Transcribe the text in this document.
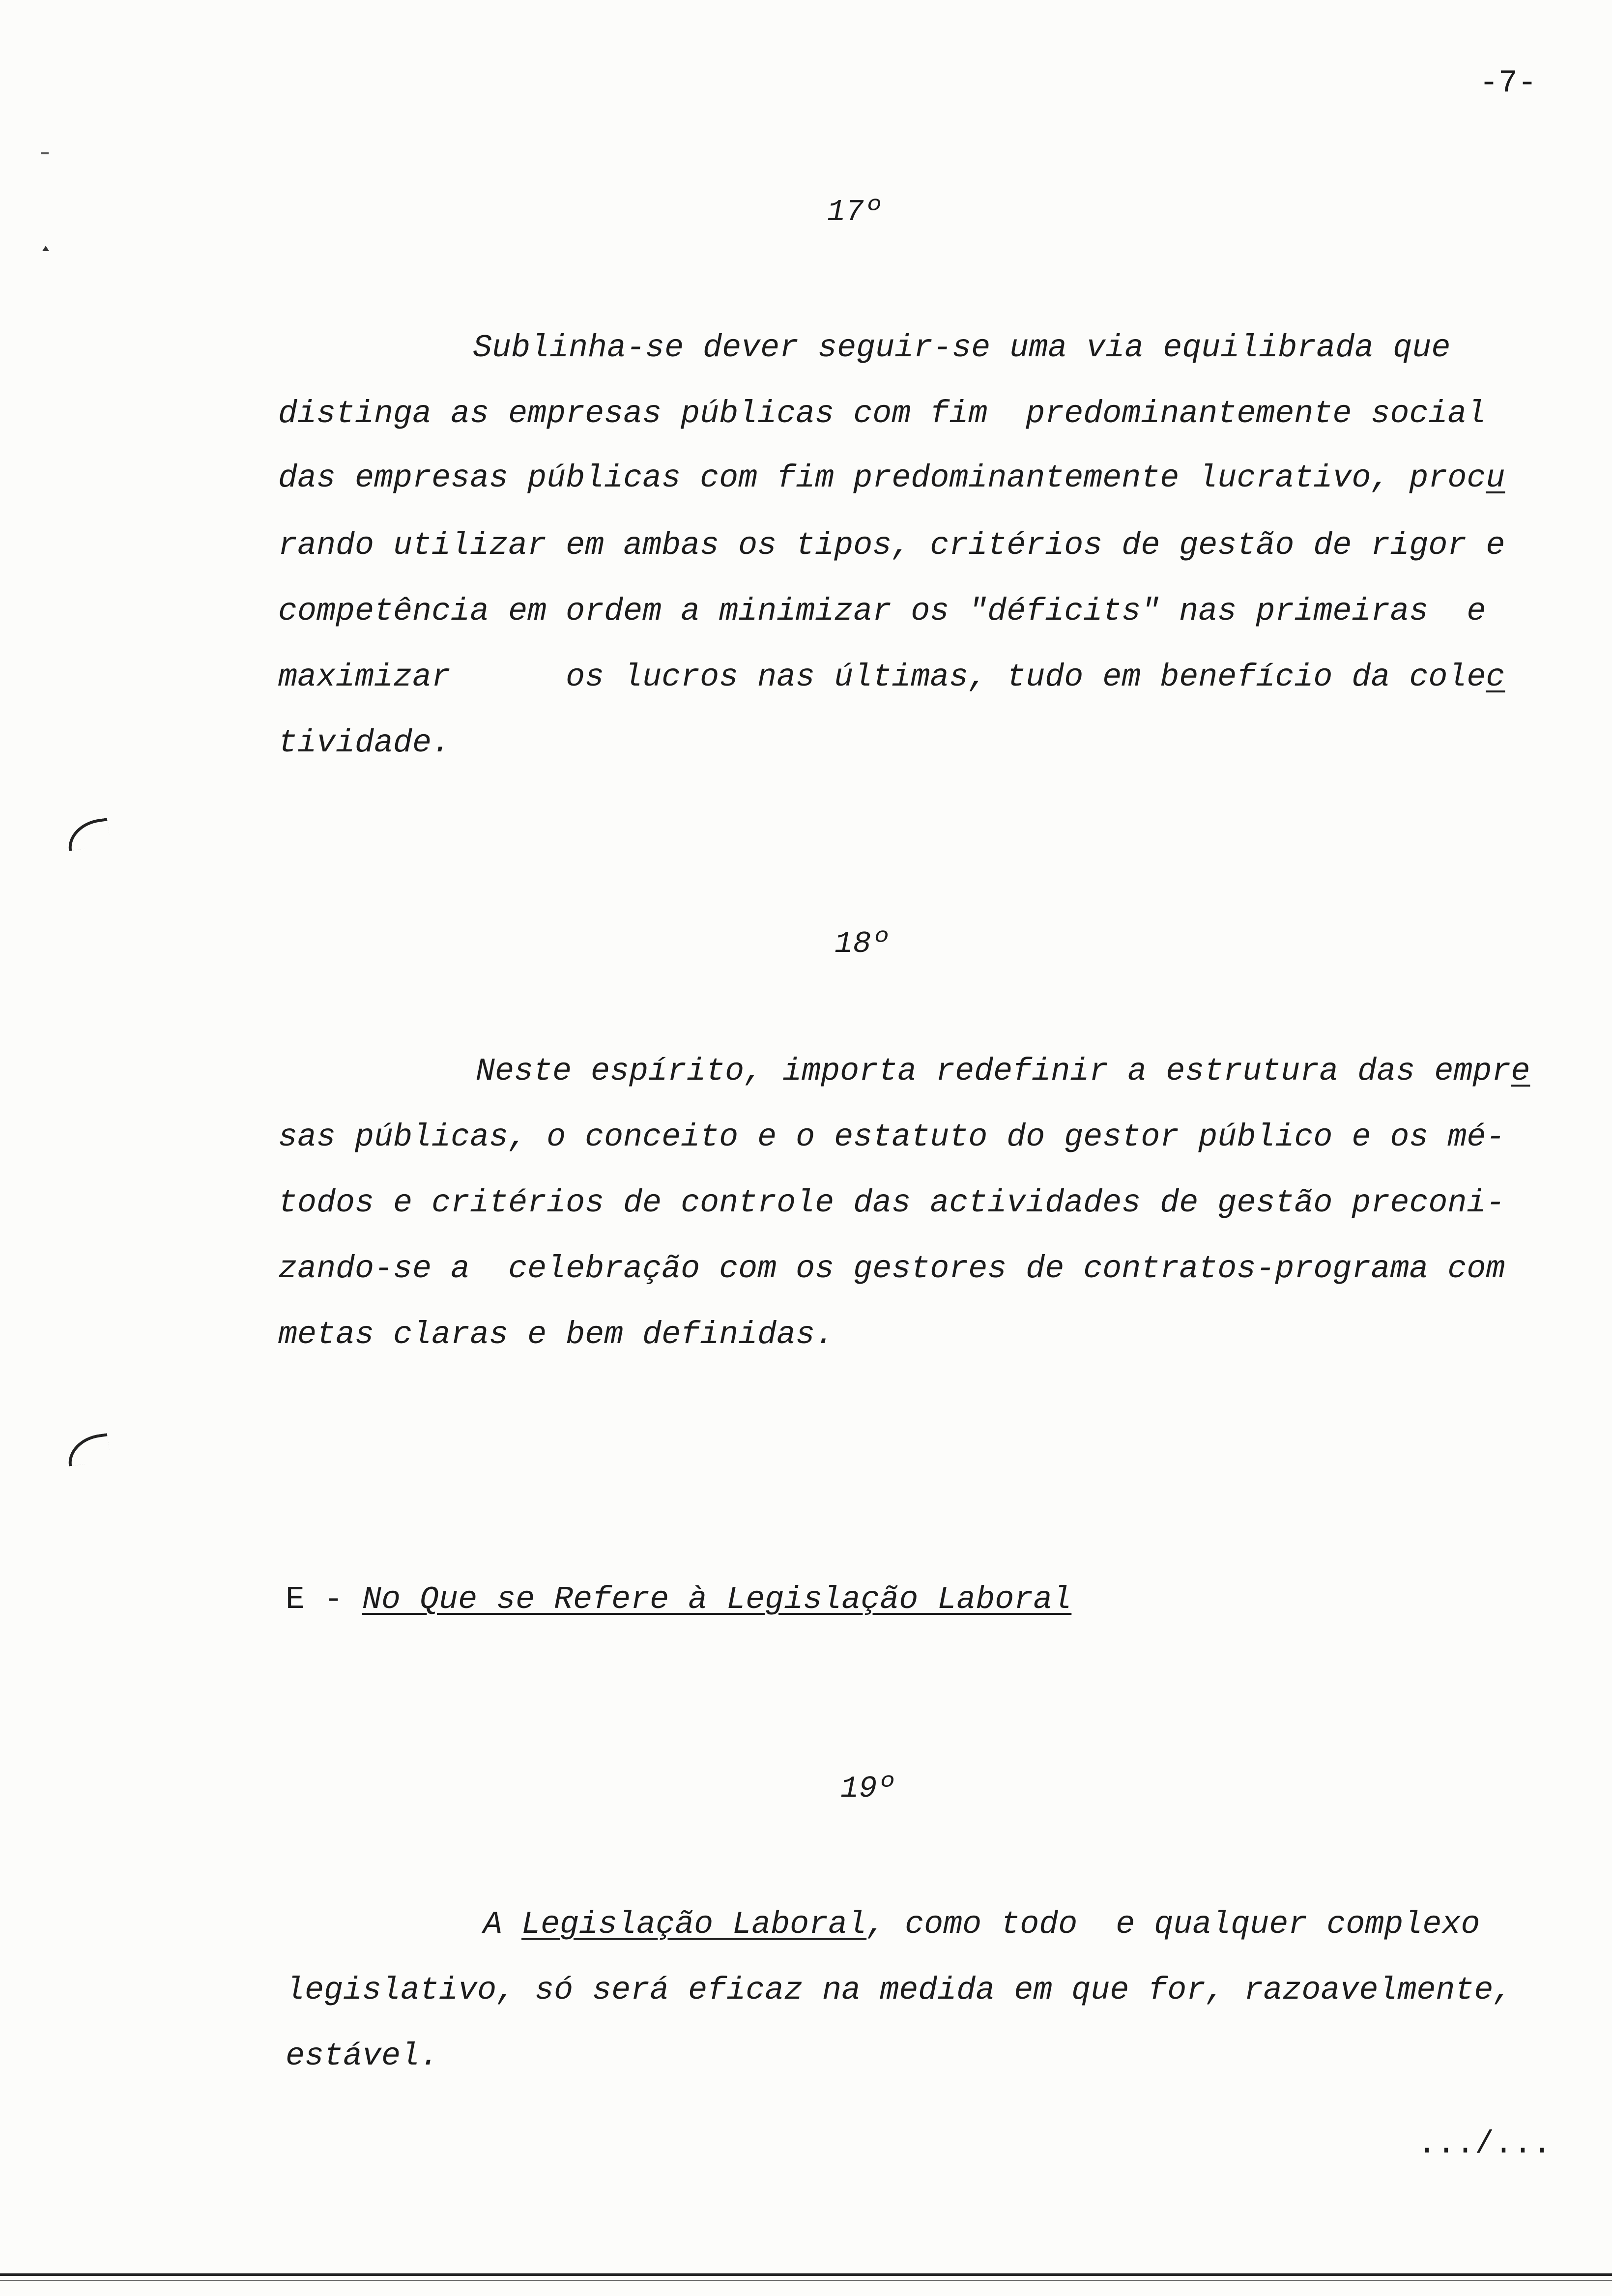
-7-
17º
Sublinha-se dever seguir-se uma via equilibrada que
distinga as empresas públicas com fim  predominantemente social
das empresas públicas com fim predominantemente lucrativo, procu
rando utilizar em ambas os tipos, critérios de gestão de rigor e
competência em ordem a minimizar os "déficits" nas primeiras  e
maximizar      os lucros nas últimas, tudo em benefício da colec
tividade.
18º
Neste espírito, importa redefinir a estrutura das empre
sas públicas, o conceito e o estatuto do gestor público e os mé-
todos e critérios de controle das actividades de gestão preconi-
zando-se a  celebração com os gestores de contratos-programa com
metas claras e bem definidas.
E - No Que se Refere à Legislação Laboral
19º
A Legislação Laboral, como todo  e qualquer complexo
legislativo, só será eficaz na medida em que for, razoavelmente,
estável.
.../...
